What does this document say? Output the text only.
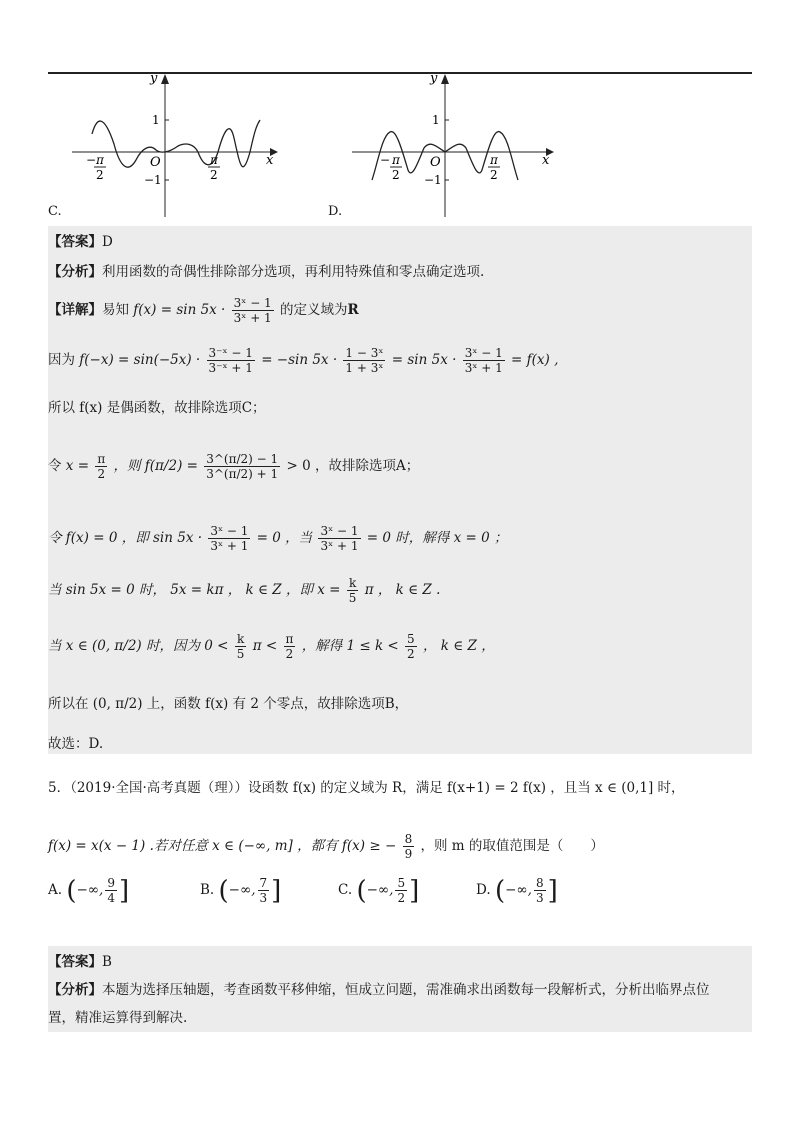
y
x
O
1
−1
− π
2
π
2
C.
y
x
O
1
−1
− π
2
π
2
D.
【答案】D
【分析】利用函数的奇偶性排除部分选项，再利用特殊值和零点确定选项.
【详解】易知 $f(x) = \sin 5x \cdot \frac{\text{3ˣ − 1}}{\text{3ˣ + 1}}$ 的定义域为R
因为 $f(-x) = \sin(-5x) \cdot \frac{\text{3⁻ˣ − 1}}{\text{3⁻ˣ + 1}} = -\sin$ $5x \cdot \frac{\text{1 − 3ˣ}}{\text{1 + 3ˣ}} = \sin 5x \cdot \frac{\text{3ˣ − 1}}{\text{3ˣ + 1}} = f(x)$ ,
所以 f(x) 是偶函数，故排除选项C；
令 $x = \frac{\pi}{2}$ ，则 $f(\pi/2) = \frac{3\^{}(\pi/2) - 1}{3\^{}(\pi/2) + 1} > 0$ ，故排除选项A；
令 f(x) = 0 ，即 $\sin 5x \cdot \frac{\text{3ˣ − 1}}{\text{3ˣ + 1}} = 0$ ，当 $\frac{\text{3ˣ − 1}}{\text{3ˣ + 1}} = 0$ 时，解得 x = 0 ；
当 sin 5x = 0 时， 5x = kπ ， k ∈ Z ，即 $x = \frac{k}{5}$ π ， k ∈ Z .
当 x ∈ (0, π/2) 时，因为 $0 < \frac{k}{5}$ $\pi < \frac{\pi}{2}$ ，解得 $1 \le k < \frac{5}{2}$ ， k ∈ Z ，
所以在 (0, π/2) 上，函数 f(x) 有 2 个零点，故排除选项B，
故选：D.
5．（2019·全国·高考真题（理））设函数 f(x) 的定义域为 R，满足 f(x+1) = 2 f(x) ，且当 x ∈ (0,1] 时，
f(x) = x(x − 1) .若对任意 x ∈ (−∞, m] ，都有 f(x) ≥ − $\frac{8}{9}$ ，则 m 的取值范围是（　　）
A. (−∞, $\frac{9}{4}$ ]	B. (−∞, $\frac{7}{3}$ ]	C. (−∞, $\frac{5}{2}$ ]	D. (−∞, $\frac{8}{3}$ ]
【答案】B
【分析】本题为选择压轴题，考查函数平移伸缩，恒成立问题，需准确求出函数每一段解析式，分析出临界点位
置，精准运算得到解决.
